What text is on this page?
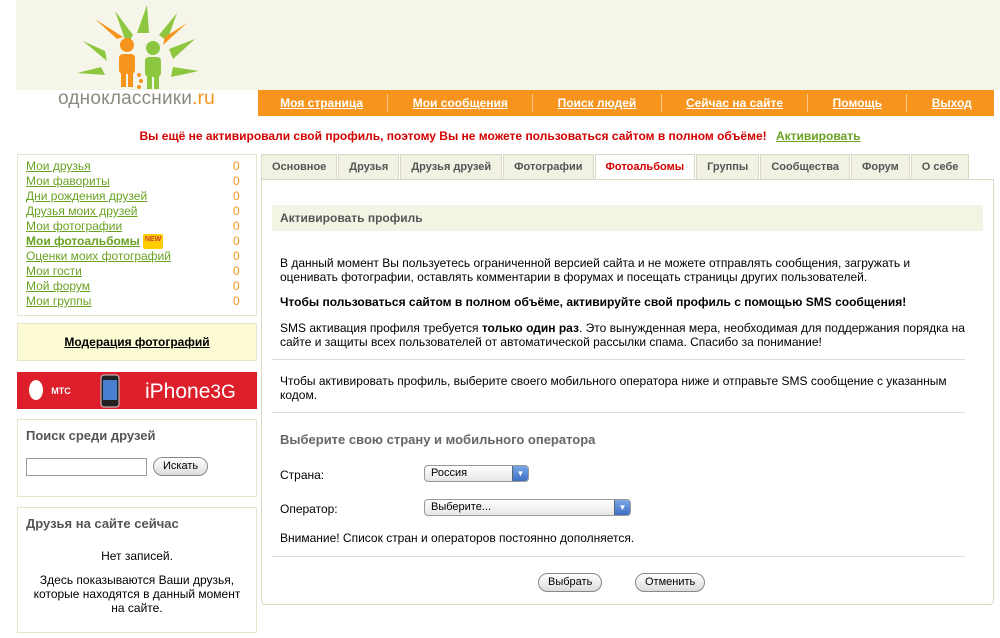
одноклассники.ru	Моя страница	Мои сообщения	Поиск людей	Сейчас на сайте	Помощь	Выход
Вы ещё не активировали свой профиль, поэтому Вы не можете пользоваться сайтом в полном объёме! Активировать
Мои друзья	0
Мои фавориты	0
Дни рождения друзей	0
Друзья моих друзей	0
Мои фотографии	0
Мои фотоальбомы NEW	0
Оценки моих фотографий	0
Мои гости	0
Мой форум	0
Мои группы	0
Модерация фотографий
МТС	iPhone3G
Поиск среди друзей
Искать
Друзья на сайте сейчас
Нет записей.
Здесь показываются Ваши друзья, которые находятся в данный момент на сайте.
Основное	Друзья	Друзья друзей	Фотографии	Фотоальбомы	Группы	Сообщества	Форум	О себе
Активировать профиль
В данный момент Вы пользуетесь ограниченной версией сайта и не можете отправлять сообщения, загружать и оценивать фотографии, оставлять комментарии в форумах и посещать страницы других пользователей.
Чтобы пользоваться сайтом в полном объёме, активируйте свой профиль с помощью SMS сообщения!
SMS активация профиля требуется только один раз. Это вынужденная мера, необходимая для поддержания порядка на сайте и защиты всех пользователей от автоматической рассылки спама. Спасибо за понимание!
Чтобы активировать профиль, выберите своего мобильного оператора ниже и отправьте SMS сообщение с указанным кодом.
Выберите свою страну и мобильного оператора
Страна:	Россия	▼
Оператор:	Выберите...	▼
Внимание! Список стран и операторов постоянно дополняется.
Выбрать	Отменить
